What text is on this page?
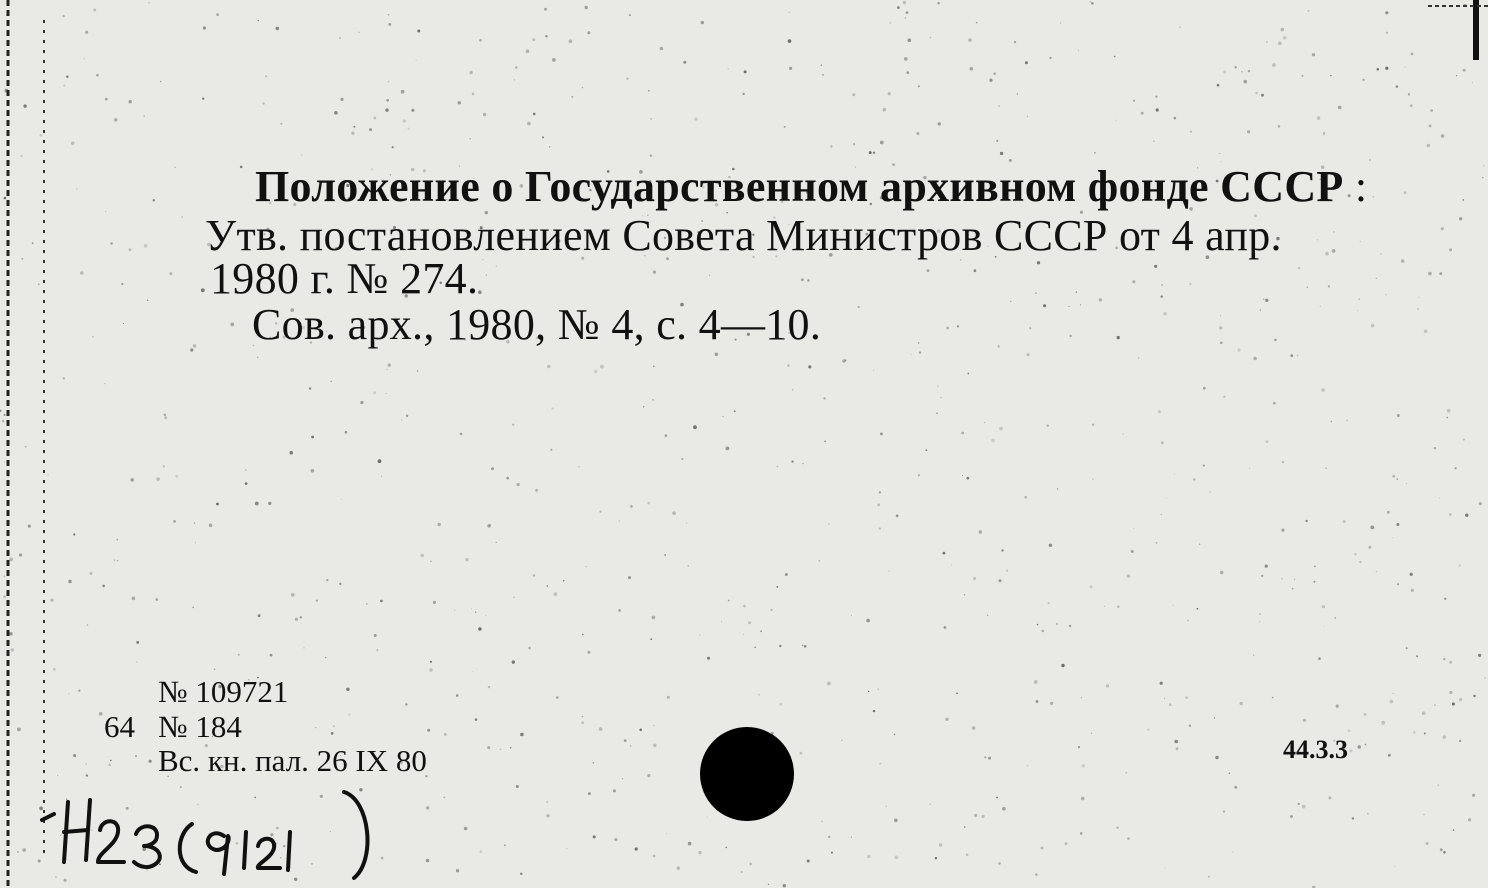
Положение о Государственном архивном фонде СССР :
Утв. постановлением Совета Министров СССР от 4 апр.
1980 г. № 274.
Сов. арх., 1980, № 4, с. 4—10.
№ 109721
64 № 184
Вс. кн. пал. 26 IX 80	44.3.3
